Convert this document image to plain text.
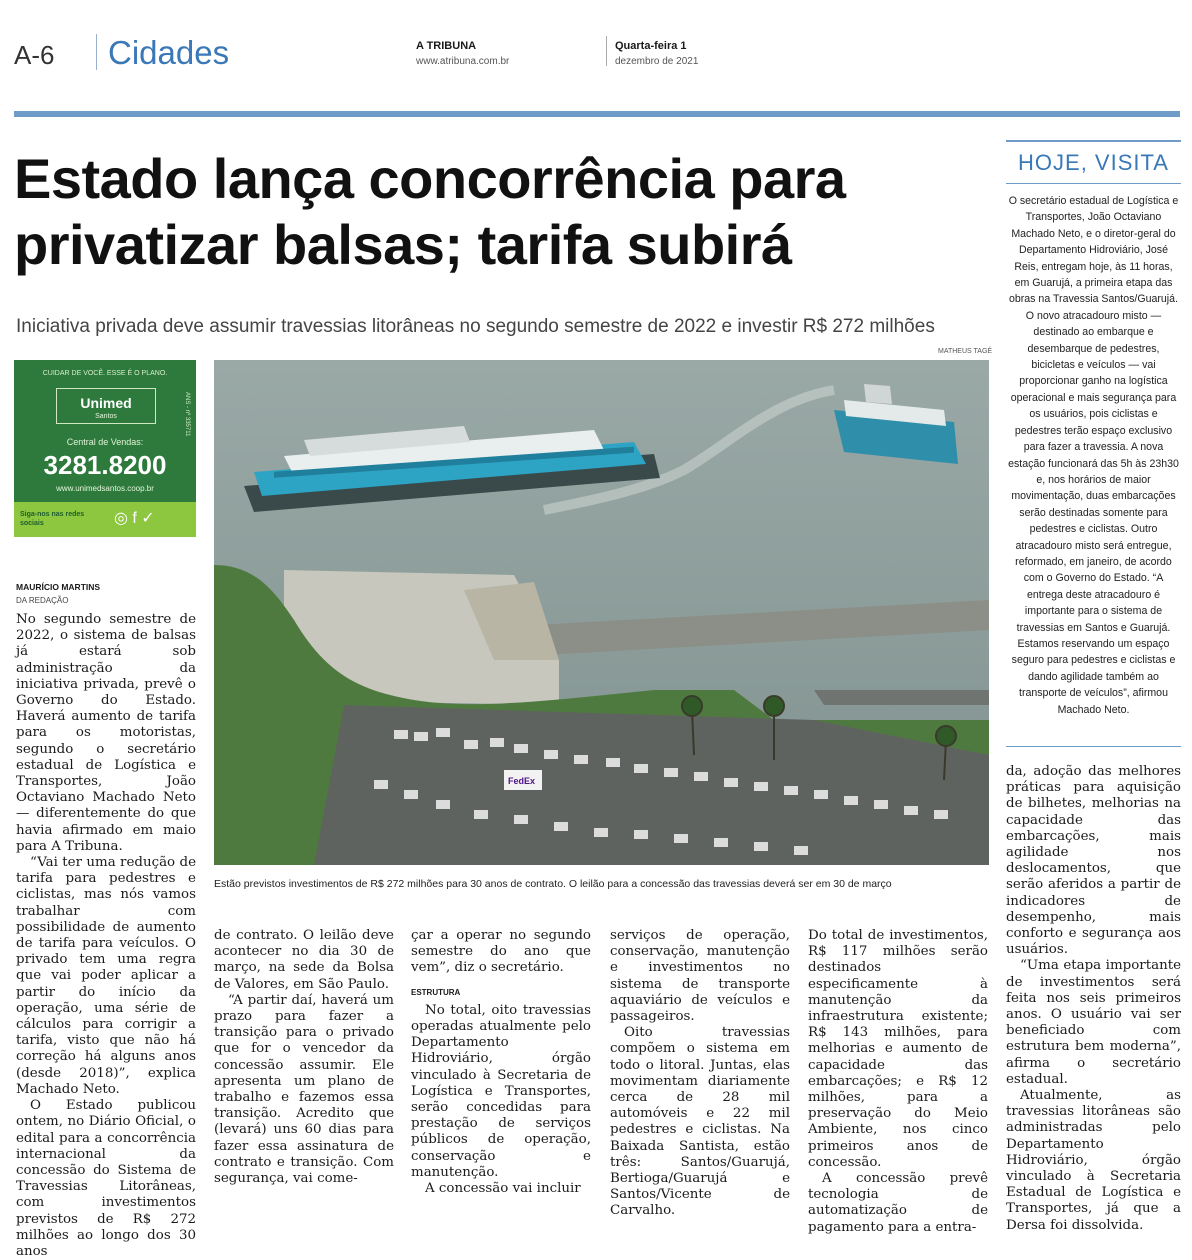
A-6 Cidades	A TRIBUNA
www.atribuna.com.br
Quarta-feira 1
dezembro de 2021
Estado lança concorrência para privatizar balsas; tarifa subirá
Iniciativa privada deve assumir travessias litorâneas no segundo semestre de 2022 e investir R$ 272 milhões
CUIDAR DE VOCÊ. ESSE É O PLANO.
Unimed
Santos	ANS - nº 335711
Central de Vendas:
3281.8200
www.unimedsantos.coop.br
Siga-nos nas redes sociais	◎ f ✓
MATHEUS TAGÉ
FedEx
Estão previstos investimentos de R$ 272 milhões para 30 anos de contrato. O leilão para a concessão das travessias deverá ser em 30 de março
MAURÍCIO MARTINS
DA REDAÇÃO

No segundo semestre de 2022, o sistema de balsas já estará sob administração da iniciativa privada, prevê o Governo do Estado. Haverá aumento de tarifa para os motoristas, segundo o secretário estadual de Logística e Transportes, João Octaviano Machado Neto — diferentemente do que havia afirmado em maio para A Tribuna.

“Vai ter uma redução de tarifa para pedestres e ciclistas, mas nós vamos trabalhar com possibilidade de aumento de tarifa para veículos. O privado tem uma regra que vai poder aplicar a partir do início da operação, uma série de cálculos para corrigir a tarifa, visto que não há correção há alguns anos (desde 2018)”, explica Machado Neto.

O Estado publicou ontem, no Diário Oficial, o edital para a concorrência internacional da concessão do Sistema de Travessias Litorâneas, com investimentos previstos de R$ 272 milhões ao longo dos 30 anos

de contrato. O leilão deve acontecer no dia 30 de março, na sede da Bolsa de Valores, em São Paulo.

“A partir daí, haverá um prazo para fazer a transição para o privado que for o vencedor da concessão assumir. Ele apresenta um plano de trabalho e fazemos essa transição. Acredito que (levará) uns 60 dias para fazer essa assinatura de contrato e transição. Com segurança, vai come-

çar a operar no segundo semestre do ano que vem”, diz o secretário.

ESTRUTURA

No total, oito travessias operadas atualmente pelo Departamento Hidroviário, órgão vinculado à Secretaria de Logística e Transportes, serão concedidas para prestação de serviços públicos de operação, conservação e manutenção.

A concessão vai incluir

serviços de operação, conservação, manutenção e investimentos no sistema de transporte aquaviário de veículos e passageiros.

Oito travessias compõem o sistema em todo o litoral. Juntas, elas movimentam diariamente cerca de 28 mil automóveis e 22 mil pedestres e ciclistas. Na Baixada Santista, estão três: Santos/Guarujá, Bertioga/Guarujá e Santos/Vicente de Carvalho.

Do total de investimentos, R$ 117 milhões serão destinados especificamente à manutenção da infraestrutura existente; R$ 143 milhões, para melhorias e aumento de capacidade das embarcações; e R$ 12 milhões, para a preservação do Meio Ambiente, nos cinco primeiros anos de concessão.

A concessão prevê tecnologia de automatização de pagamento para a entra-

da, adoção das melhores práticas para aquisição de bilhetes, melhorias na capacidade das embarcações, mais agilidade nos deslocamentos, que serão aferidos a partir de indicadores de desempenho, mais conforto e segurança aos usuários.

“Uma etapa importante de investimentos será feita nos seis primeiros anos. O usuário vai ser beneficiado com estrutura bem moderna”, afirma o secretário estadual.

Atualmente, as travessias litorâneas são administradas pelo Departamento Hidroviário, órgão vinculado à Secretaria Estadual de Logística e Transportes, já que a Dersa foi dissolvida.

HOJE, VISITA
O secretário estadual de Logística e Transportes, João Octaviano Machado Neto, e o diretor-geral do Departamento Hidroviário, José Reis, entregam hoje, às 11 horas, em Guarujá, a primeira etapa das obras na Travessia Santos/Guarujá. O novo atracadouro misto — destinado ao embarque e desembarque de pedestres, bicicletas e veículos — vai proporcionar ganho na logística operacional e mais segurança para os usuários, pois ciclistas e pedestres terão espaço exclusivo para fazer a travessia. A nova estação funcionará das 5h às 23h30 e, nos horários de maior movimentação, duas embarcações serão destinadas somente para pedestres e ciclistas. Outro atracadouro misto será entregue, reformado, em janeiro, de acordo com o Governo do Estado. “A entrega deste atracadouro é importante para o sistema de travessias em Santos e Guarujá. Estamos reservando um espaço seguro para pedestres e ciclistas e dando agilidade também ao transporte de veículos”, afirmou Machado Neto.
